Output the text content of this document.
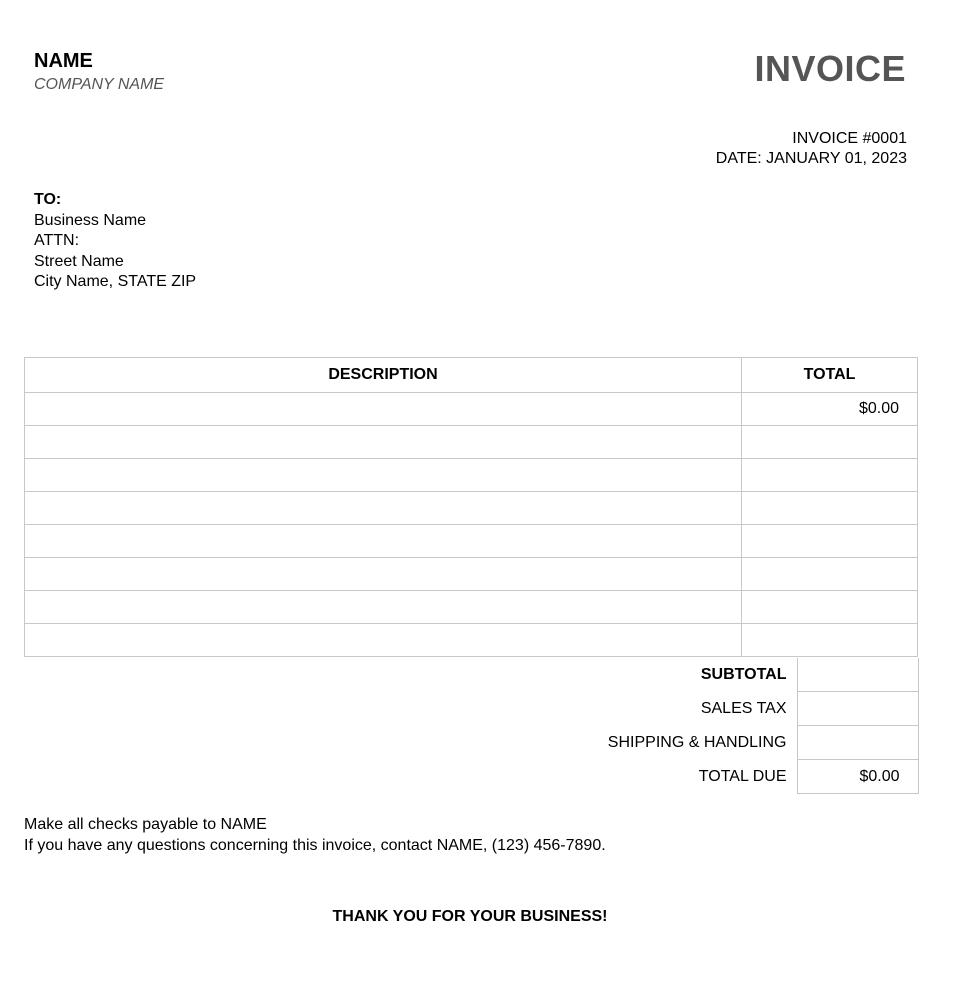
NAME
COMPANY NAME	INVOICE
INVOICE #0001
DATE: JANUARY 01, 2023
TO:
Business Name
ATTN:
Street Name
City Name, STATE ZIP
DESCRIPTION	TOTAL
	$0.00

SUBTOTAL	
SALES TAX	
SHIPPING & HANDLING	
TOTAL DUE	$0.00
Make all checks payable to NAME
If you have any questions concerning this invoice, contact NAME, (123) 456-7890.
THANK YOU FOR YOUR BUSINESS!
